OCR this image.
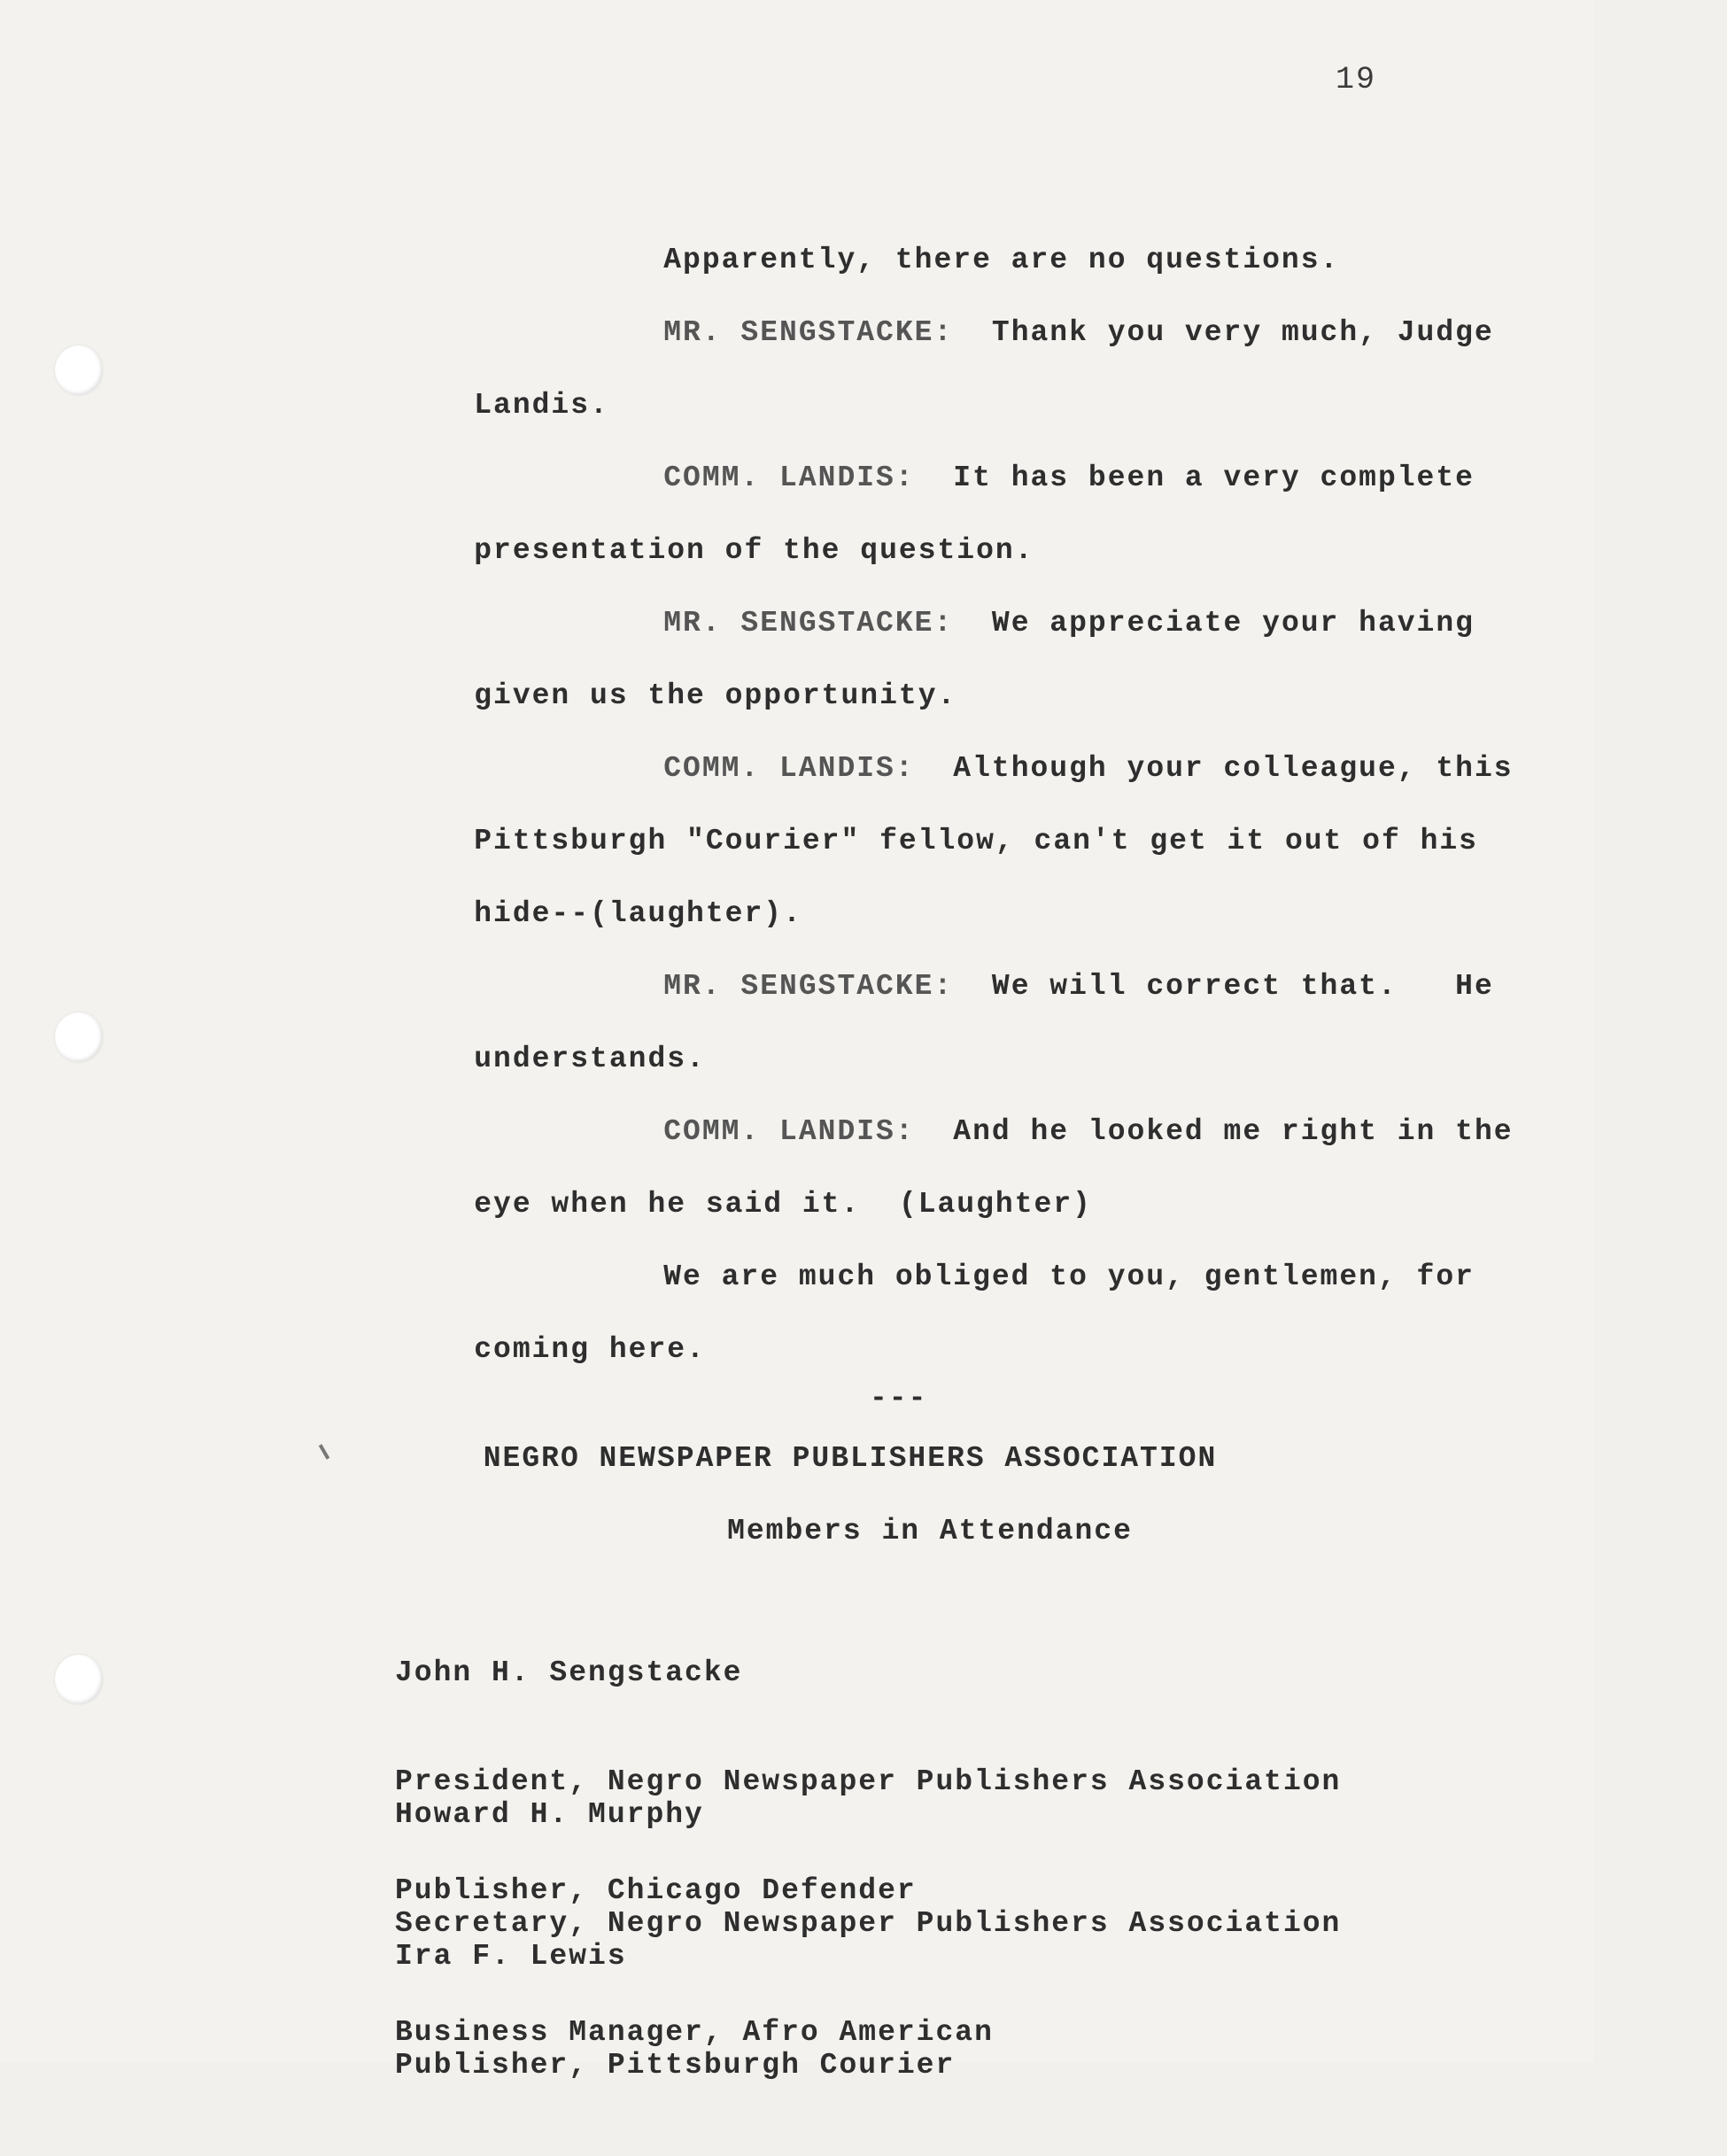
19

Apparently, there are no questions.

MR. SENGSTACKE: Thank you very much, Judge

Landis.

COMM. LANDIS: It has been a very complete

presentation of the question.

MR. SENGSTACKE: We appreciate your having

given us the opportunity.

COMM. LANDIS: Although your colleague, this

Pittsburgh "Courier" fellow, can't get it out of his

hide--(laughter).

MR. SENGSTACKE: We will correct that.   He

understands.

COMM. LANDIS: And he looked me right in the

eye when he said it.  (Laughter)

We are much obliged to you, gentlemen, for

coming here.

---
NEGRO NEWSPAPER PUBLISHERS ASSOCIATION
Members in Attendance

John H. Sengstacke

President, Negro Newspaper Publishers Association

Publisher, Chicago Defender

Howard H. Murphy

Secretary, Negro Newspaper Publishers Association

Business Manager, Afro American

Ira F. Lewis

Publisher, Pittsburgh Courier
